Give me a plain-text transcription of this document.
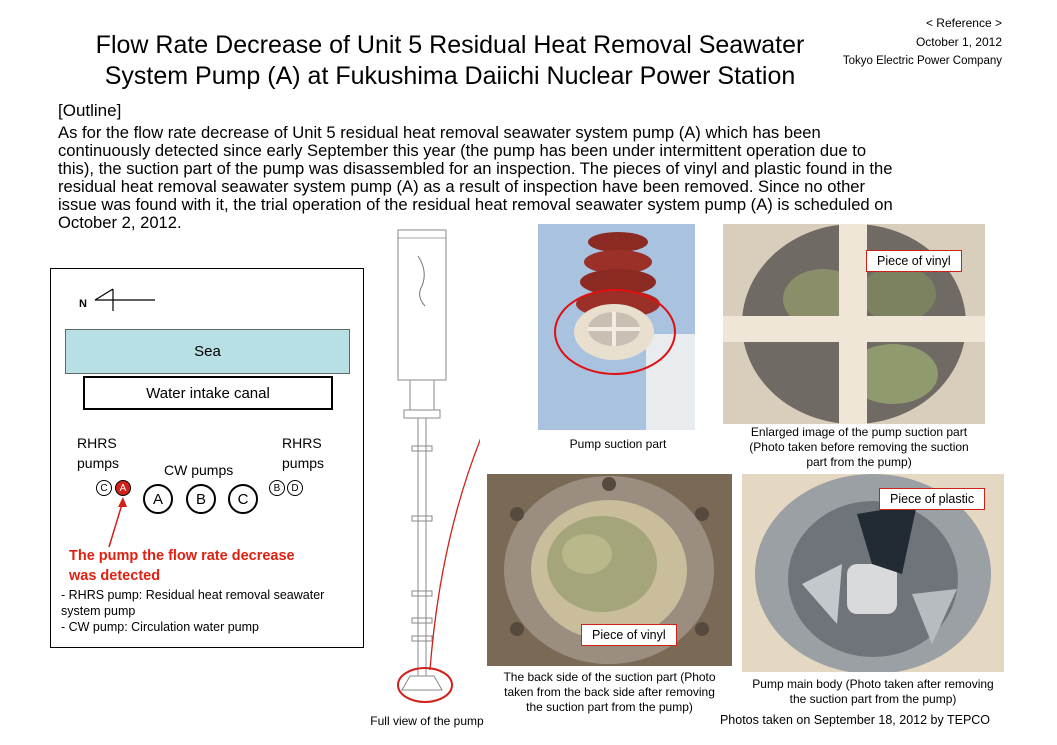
Flow Rate Decrease of Unit 5 Residual Heat Removal Seawater
System Pump (A) at Fukushima Daiichi Nuclear Power Station
< Reference >
October 1, 2012
Tokyo Electric Power Company
[Outline]
As for the flow rate decrease of Unit 5 residual heat removal seawater system pump (A) which has been
continuously detected since early September this year (the pump has been under intermittent operation due to
this), the suction part of the pump was disassembled for an inspection. The pieces of vinyl and plastic found in the
residual heat removal seawater system pump (A) as a result of inspection have been removed. Since no other
issue was found with it, the trial operation of the residual heat removal seawater system pump (A) is scheduled on
October 2, 2012.
N
Sea
Water intake canal
RHRS
pumps	CW pumps
RHRS
pumps
C	A
A	B	C
B	D
The pump the flow rate decrease
was detected
- RHRS pump: Residual heat removal seawater
system pump
- CW pump: Circulation water pump
Full view of the pump
Pump suction part
Piece of vinyl
Enlarged image of the pump suction part
(Photo taken before removing the suction
part from the pump)
Piece of vinyl
The back side of the suction part (Photo
taken from the back side after removing
the suction part from the pump)
Piece of plastic
Pump main body (Photo taken after removing
the suction part from the pump)
Photos taken on September 18, 2012 by TEPCO
